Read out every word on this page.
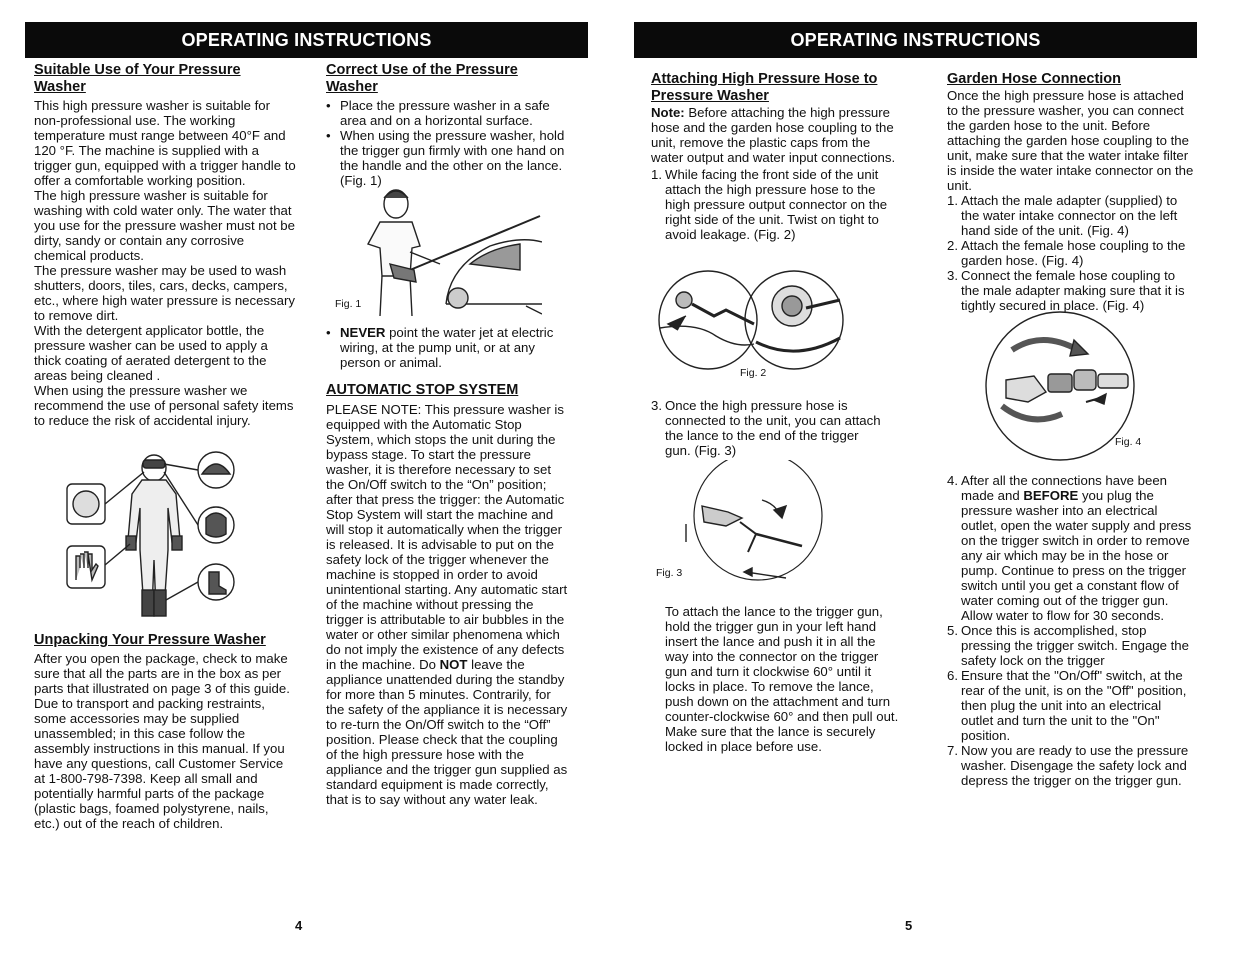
OPERATING INSTRUCTIONS	OPERATING INSTRUCTIONS
Suitable Use of Your Pressure Washer

This high pressure washer is suitable for non-professional use. The working temperature must range between 40°F and 120 °F. The machine is supplied with a trigger gun, equipped with a trigger handle to offer a comfortable working position.

The high pressure washer is suitable for washing with cold water only. The water that you use for the pressure washer must not be dirty, sandy or contain any corrosive chemical products.

The pressure washer may be used to wash shutters, doors, tiles, cars, decks, campers, etc., where high water pressure is necessary to remove dirt.

With the detergent applicator bottle, the pressure washer can be used to apply a thick coating of aerated detergent to the areas being cleaned .

When using the pressure washer we recommend the use of personal safety items to reduce the risk of accidental injury.

Unpacking Your Pressure Washer

After you open the package, check to make sure that all the parts are in the box as per parts that illustrated on page 3 of this guide. Due to transport and packing restraints, some accessories may be supplied unassembled; in this case follow the assembly instructions in this manual. If you have any questions, call Customer Service at 1-800-798-7398. Keep all small and potentially harmful parts of the package (plastic bags, foamed polystyrene, nails, etc.) out of the reach of children.

Correct Use of the Pressure Washer
• Place the pressure washer in a safe area and on a horizontal surface.
• When using the pressure washer, hold the trigger gun firmly with one hand on the handle and the other on the lance. (Fig. 1)
Fig. 1
• NEVER point the water jet at electric wiring, at the pump unit, or at any person or animal.
AUTOMATIC STOP SYSTEM

PLEASE NOTE: This pressure washer is equipped with the Automatic Stop System, which stops the unit during the bypass stage. To start the pressure washer, it is therefore necessary to set the On/Off switch to the “On” position; after that press the trigger: the Automatic Stop System will start the machine and will stop it automatically when the trigger is released. It is advisable to put on the safety lock of the trigger whenever the machine is stopped in order to avoid unintentional starting. Any automatic start of the machine without pressing the trigger is attributable to air bubbles in the water or other similar phenomena which do not imply the existence of any defects in the machine. Do NOT leave the appliance unattended during the standby for more than 5 minutes. Contrarily, for the safety of the appliance it is necessary to re-turn the On/Off switch to the “Off” position. Please check that the coupling of the high pressure hose with the appliance and the trigger gun supplied as standard equipment is made correctly, that is to say without any water leak.

4
Attaching High Pressure Hose to Pressure Washer

Note: Before attaching the high pressure hose and the garden hose coupling to the unit, remove the plastic caps from the water output and water input connections.

1. While facing the front side of the unit attach the high pressure hose to the high pressure output connector on the right side of the unit. Twist on tight to avoid leakage. (Fig. 2)
Fig. 2
3. Once the high pressure hose is connected to the unit, you can attach the lance to the end of the trigger gun. (Fig. 3)
Fig. 3

To attach the lance to the trigger gun, hold the trigger gun in your left hand insert the lance and push it in all the way into the connector on the trigger gun and turn it clockwise 60° until it locks in place. To remove the lance, push down on the attachment and turn counter-clockwise 60° and then pull out. Make sure that the lance is securely locked in place before use.

Garden Hose Connection

Once the high pressure hose is attached to the pressure washer, you can connect the garden hose to the unit. Before attaching the garden hose coupling to the unit, make sure that the water intake filter is inside the water intake connector on the unit.

1. Attach the male adapter (supplied) to the water intake connector on the left hand side of the unit. (Fig. 4)
2. Attach the female hose coupling to the garden hose. (Fig. 4)
3. Connect the female hose coupling to the male adapter making sure that it is tightly secured in place. (Fig. 4)
Fig. 4
4. After all the connections have been made and BEFORE you plug the pressure washer into an electrical outlet, open the water supply and press on the trigger switch in order to remove any air which may be in the hose or pump. Continue to press on the trigger switch until you get a constant flow of water coming out of the trigger gun. Allow water to flow for 30 seconds.
5. Once this is accomplished, stop pressing the trigger switch. Engage the safety lock on the trigger
6. Ensure that the "On/Off" switch, at the rear of the unit, is on the "Off" position, then plug the unit into an electrical outlet and turn the unit to the "On" position.
7. Now you are ready to use the pressure washer. Disengage the safety lock and depress the trigger on the trigger gun.
5
